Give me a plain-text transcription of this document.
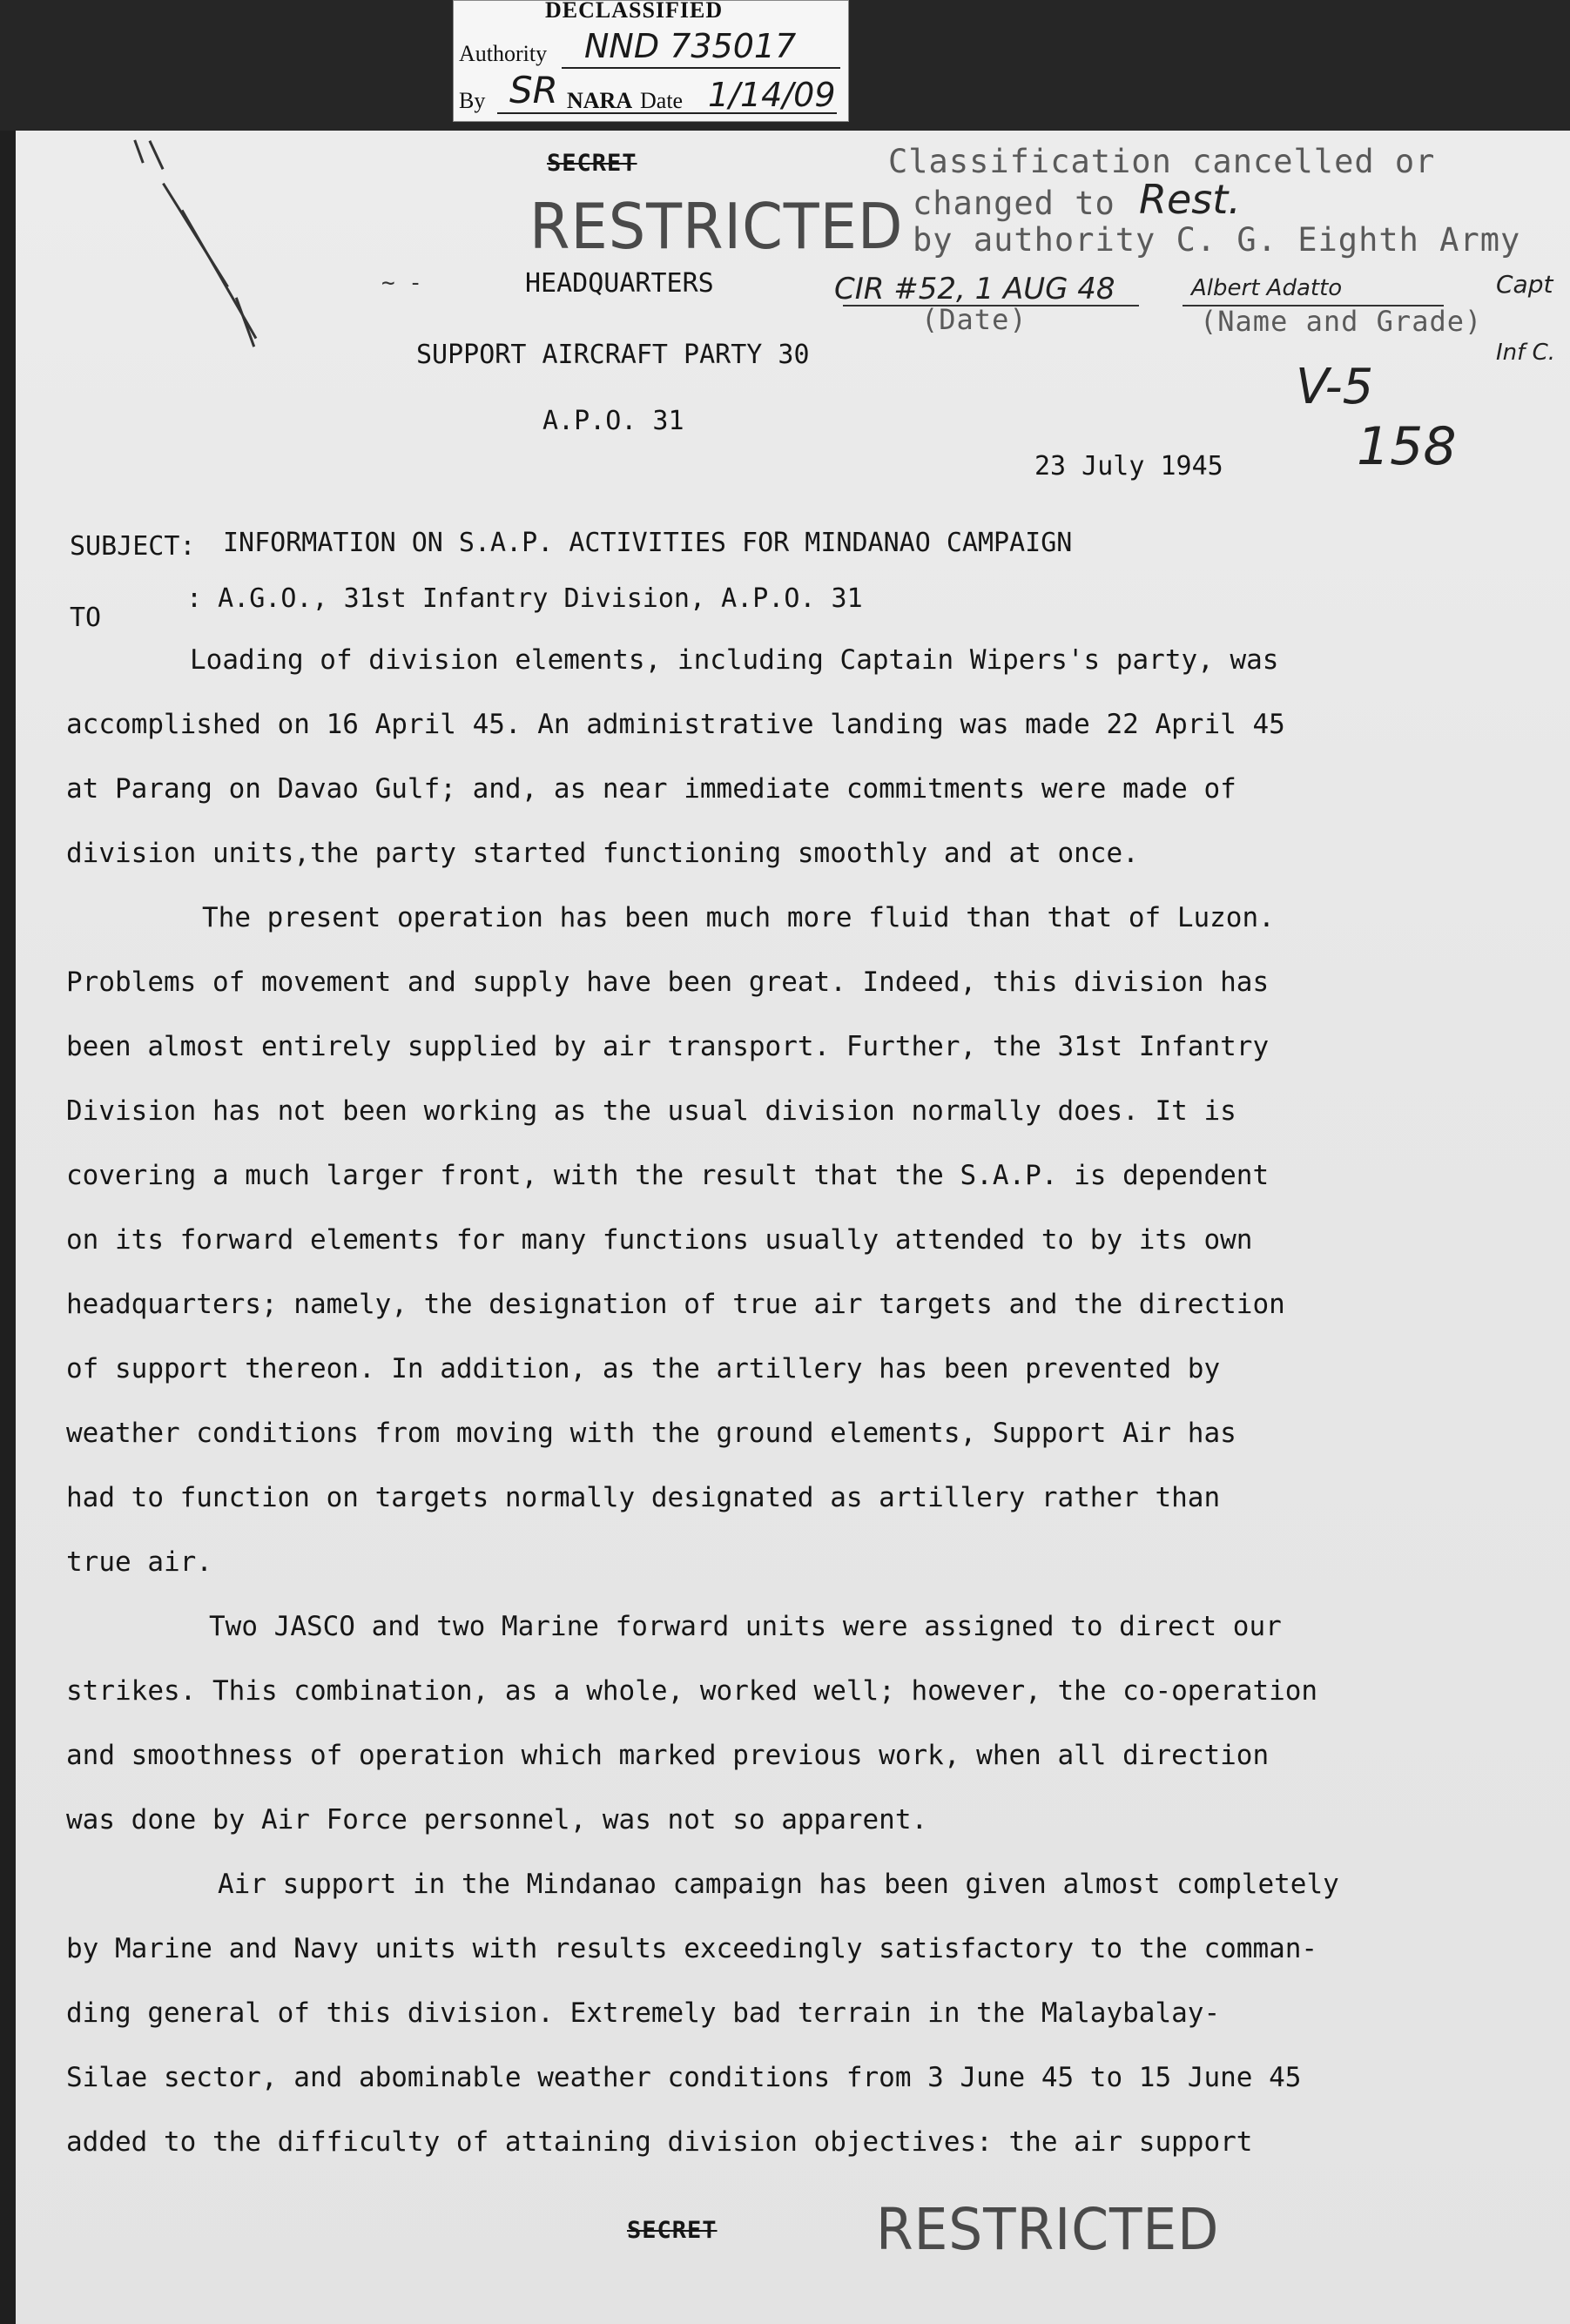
DECLASSIFIED
Authority NND 735017
By SR NARA Date 1/14/09
SECRET
RESTRICTED
Classification cancelled or
changed to Rest.
by authority C. G. Eighth Army
CIR #52, 1 AUG 48
(Date)
Albert Adatto
(Name and Grade)
Capt
Inf C.
V-5
158
~ -	HEADQUARTERS
SUPPORT AIRCRAFT PARTY 30
A.P.O. 31
23 July 1945
SUBJECT: INFORMATION ON S.A.P. ACTIVITIES FOR MINDANAO CAMPAIGN
TO
: A.G.O., 31st Infantry Division, A.P.O. 31
Loading of division elements, including Captain Wipers's party, was
accomplished on 16 April 45. An administrative landing was made 22 April 45
at Parang on Davao Gulf; and, as near immediate commitments were made of
division units,the party started functioning smoothly and at once.
The present operation has been much more fluid than that of Luzon.
Problems of movement and supply have been great. Indeed, this division has
been almost entirely supplied by air transport. Further, the 31st Infantry
Division has not been working as the usual division normally does. It is
covering a much larger front, with the result that the S.A.P. is dependent
on its forward elements for many functions usually attended to by its own
headquarters; namely, the designation of true air targets and the direction
of support thereon. In addition, as the artillery has been prevented by
weather conditions from moving with the ground elements, Support Air has
had to function on targets normally designated as artillery rather than
true air.
Two JASCO and two Marine forward units were assigned to direct our
strikes. This combination, as a whole, worked well; however, the co-operation
and smoothness of operation which marked previous work, when all direction
was done by Air Force personnel, was not so apparent.
Air support in the Mindanao campaign has been given almost completely
by Marine and Navy units with results exceedingly satisfactory to the comman-
ding general of this division. Extremely bad terrain in the Malaybalay-
Silae sector, and abominable weather conditions from 3 June 45 to 15 June 45
added to the difficulty of attaining division objectives: the air support
SECRET	RESTRICTED
